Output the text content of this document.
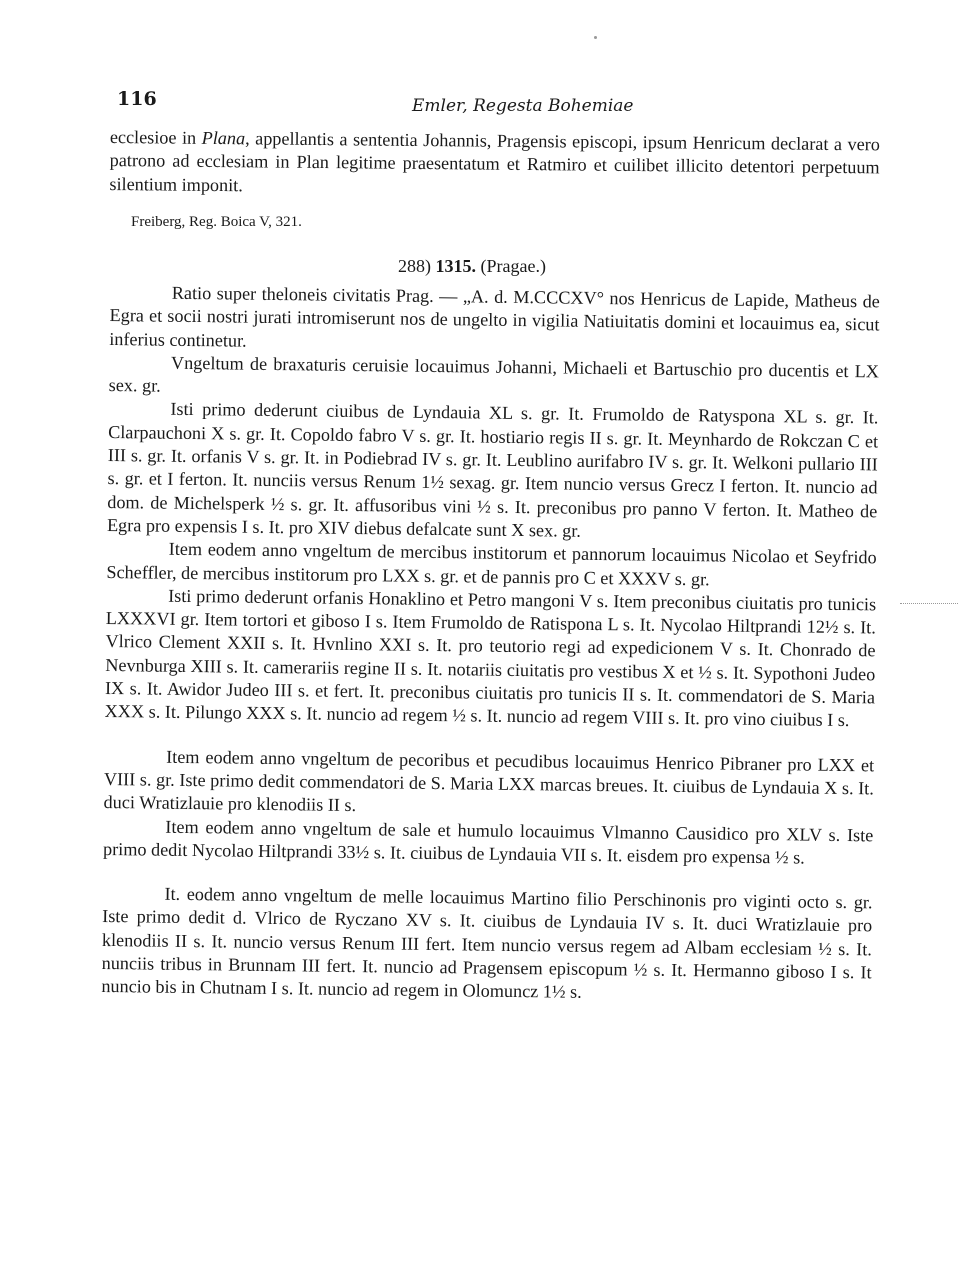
116	Emler, Regesta Bohemiae

ecclesioe in Plana, appellantis a sententia Johannis, Pragensis episcopi, ipsum Henricum declarat a vero patrono ad ecclesiam in Plan legitime praesentatum et Ratmiro et cuilibet illicito detentori perpetuum silentium imponit.

Freiberg, Reg. Boica V, 321.
288) 1315. (Pragae.)

Ratio super theloneis civitatis Prag. — „A. d. M.CCCXV° nos Henricus de Lapide, Matheus de Egra et socii nostri jurati intromiserunt nos de ungelto in vigilia Natiuitatis domini et locauimus ea, sicut inferius continetur.

Vngeltum de braxaturis ceruisie locauimus Johanni, Michaeli et Bartuschio pro ducentis et LX sex. gr.

Isti primo dederunt ciuibus de Lyndauia XL s. gr. It. Frumoldo de Ratyspona XL s. gr. It. Clarpauchoni X s. gr. It. Copoldo fabro V s. gr. It. hostiario regis II s. gr. It. Meynhardo de Rokczan C et III s. gr. It. orfanis V s. gr. It. in Podiebrad IV s. gr. It. Leublino aurifabro IV s. gr. It. Welkoni pullario III s. gr. et I ferton. It. nunciis versus Renum 1½ sexag. gr. Item nuncio versus Grecz I ferton. It. nuncio ad dom. de Michelsperk ½ s. gr. It. affusoribus vini ½ s. It. preconibus pro panno V ferton. It. Matheo de Egra pro expensis I s. It. pro XIV diebus defalcate sunt X sex. gr.

Item eodem anno vngeltum de mercibus institorum et pannorum locauimus Nicolao et Seyfrido Scheffler, de mercibus institorum pro LXX s. gr. et de pannis pro C et XXXV s. gr.

Isti primo dederunt orfanis Honaklino et Petro mangoni V s. Item preconibus ciuitatis pro tunicis LXXXVI gr. Item tortori et giboso I s. Item Frumoldo de Ratispona L s. It. Nycolao Hiltprandi 12½ s. It. Vlrico Clement XXII s. It. Hvnlino XXI s. It. pro teutorio regi ad expedicionem V s. It. Chonrado de Nevnburga XIII s. It. camerariis regine II s. It. notariis ciuitatis pro vestibus X et ½ s. It. Sypothoni Judeo IX s. It. Awidor Judeo III s. et fert. It. preconibus ciuitatis pro tunicis II s. It. commendatori de S. Maria XXX s. It. Pilungo XXX s. It. nuncio ad regem ½ s. It. nuncio ad regem VIII s. It. pro vino ciuibus I s.

Item eodem anno vngeltum de pecoribus et pecudibus locauimus Henrico Pibraner pro LXX et VIII s. gr. Iste primo dedit commendatori de S. Maria LXX marcas breues. It. ciuibus de Lyndauia X s. It. duci Wratizlauie pro klenodiis II s.

Item eodem anno vngeltum de sale et humulo locauimus Vlmanno Causidico pro XLV s. Iste primo dedit Nycolao Hiltprandi 33½ s. It. ciuibus de Lyndauia VII s. It. eisdem pro expensa ½ s.

It. eodem anno vngeltum de melle locauimus Martino filio Perschinonis pro viginti octo s. gr. Iste primo dedit d. Vlrico de Ryczano XV s. It. ciuibus de Lyndauia IV s. It. duci Wratizlauie pro klenodiis II s. It. nuncio versus Renum III fert. Item nuncio versus regem ad Albam ecclesiam ½ s. It. nunciis tribus in Brunnam III fert. It. nuncio ad Pragensem episcopum ½ s. It. Hermanno giboso I s. It nuncio bis in Chutnam I s. It. nuncio ad regem in Olomuncz 1½ s.
